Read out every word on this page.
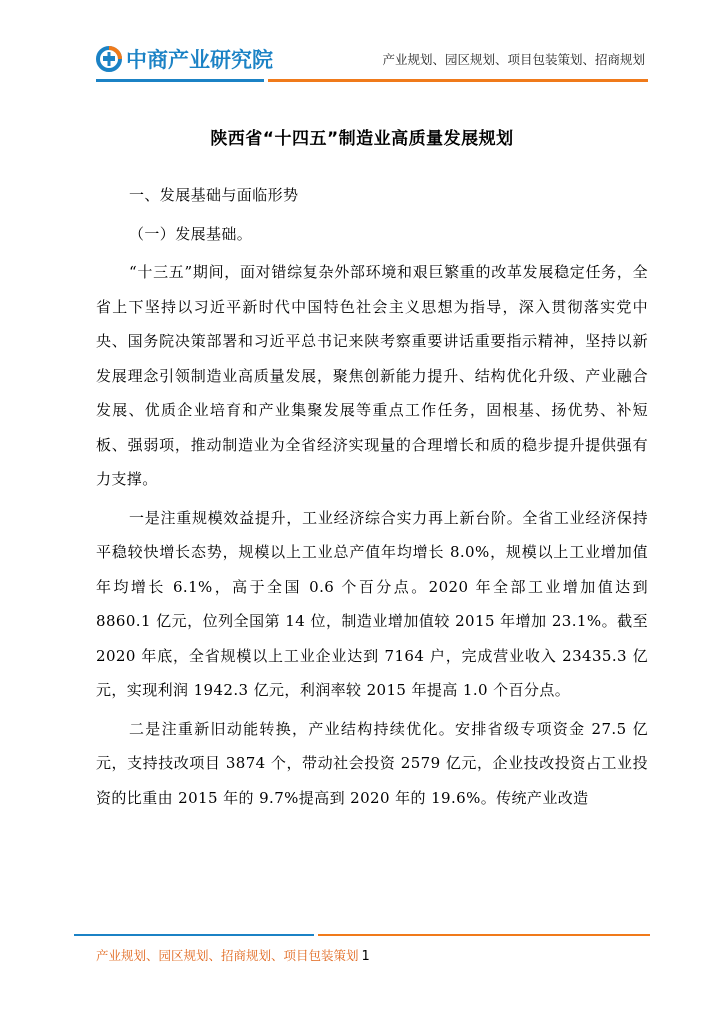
中商产业研究院	产业规划、园区规划、项目包装策划、招商规划
陕西省“十四五”制造业高质量发展规划

一、发展基础与面临形势

（一）发展基础。

“十三五”期间，面对错综复杂外部环境和艰巨繁重的改革发展稳定任务，全省上下坚持以习近平新时代中国特色社会主义思想为指导，深入贯彻落实党中央、国务院决策部署和习近平总书记来陕考察重要讲话重要指示精神，坚持以新发展理念引领制造业高质量发展，聚焦创新能力提升、结构优化升级、产业融合发展、优质企业培育和产业集聚发展等重点工作任务，固根基、扬优势、补短板、强弱项，推动制造业为全省经济实现量的合理增长和质的稳步提升提供强有力支撑。

一是注重规模效益提升，工业经济综合实力再上新台阶。全省工业经济保持平稳较快增长态势，规模以上工业总产值年均增长 8.0%，规模以上工业增加值年均增长 6.1%，高于全国 0.6 个百分点。2020 年全部工业增加值达到 8860.1 亿元，位列全国第 14 位，制造业增加值较 2015 年增加 23.1%。截至 2020 年底，全省规模以上工业企业达到 7164 户，完成营业收入 23435.3 亿元，实现利润 1942.3 亿元，利润率较 2015 年提高 1.0 个百分点。

二是注重新旧动能转换，产业结构持续优化。安排省级专项资金 27.5 亿元，支持技改项目 3874 个，带动社会投资 2579 亿元，企业技改投资占工业投资的比重由 2015 年的 9.7%提高到 2020 年的 19.6%。传统产业改造

产业规划、园区规划、招商规划、项目包装策划 1
